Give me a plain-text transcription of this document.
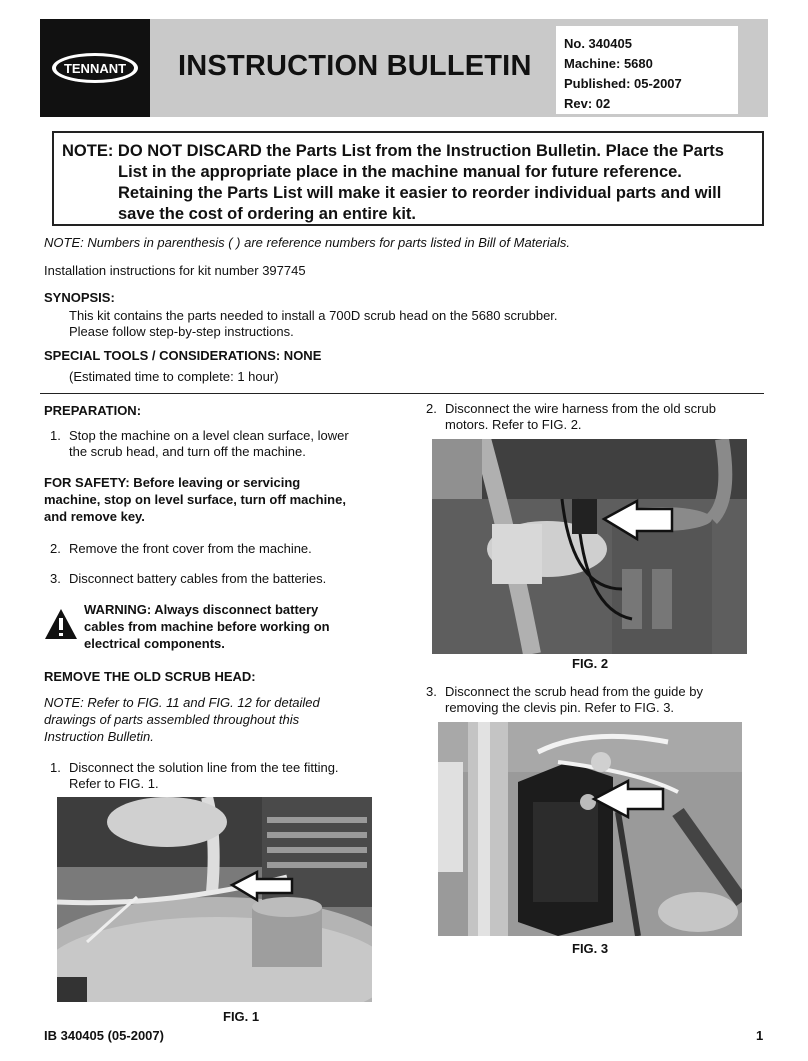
TENNANT INSTRUCTION BULLETIN
No. 340405
Machine: 5680
Published: 05-2007
Rev: 02
NOTE: DO NOT DISCARD the Parts List from the Instruction Bulletin. Place the Parts
List in the appropriate place in the machine manual for future reference.
Retaining the Parts List will make it easier to reorder individual parts and will
save the cost of ordering an entire kit.
NOTE: Numbers in parenthesis ( ) are reference numbers for parts listed in Bill of Materials.
Installation instructions for kit number 397745
SYNOPSIS:
This kit contains the parts needed to install a 700D scrub head on the 5680 scrubber.
Please follow step-by-step instructions.
SPECIAL TOOLS / CONSIDERATIONS: NONE
(Estimated time to complete: 1 hour)
PREPARATION:
1. Stop the machine on a level clean surface, lower
the scrub head, and turn off the machine.
FOR SAFETY: Before leaving or servicing
machine, stop on level surface, turn off machine,
and remove key.
2. Remove the front cover from the machine.
3. Disconnect battery cables from the batteries.
WARNING: Always disconnect battery
cables from machine before working on
electrical components.
REMOVE THE OLD SCRUB HEAD:
NOTE: Refer to FIG. 11 and FIG. 12 for detailed
drawings of parts assembled throughout this
Instruction Bulletin.
1. Disconnect the solution line from the tee fitting.
Refer to FIG. 1.
FIG. 1
2. Disconnect the wire harness from the old scrub
motors. Refer to FIG. 2.
FIG. 2
3. Disconnect the scrub head from the guide by
removing the clevis pin. Refer to FIG. 3.
FIG. 3
IB 340405 (05-2007)	1
